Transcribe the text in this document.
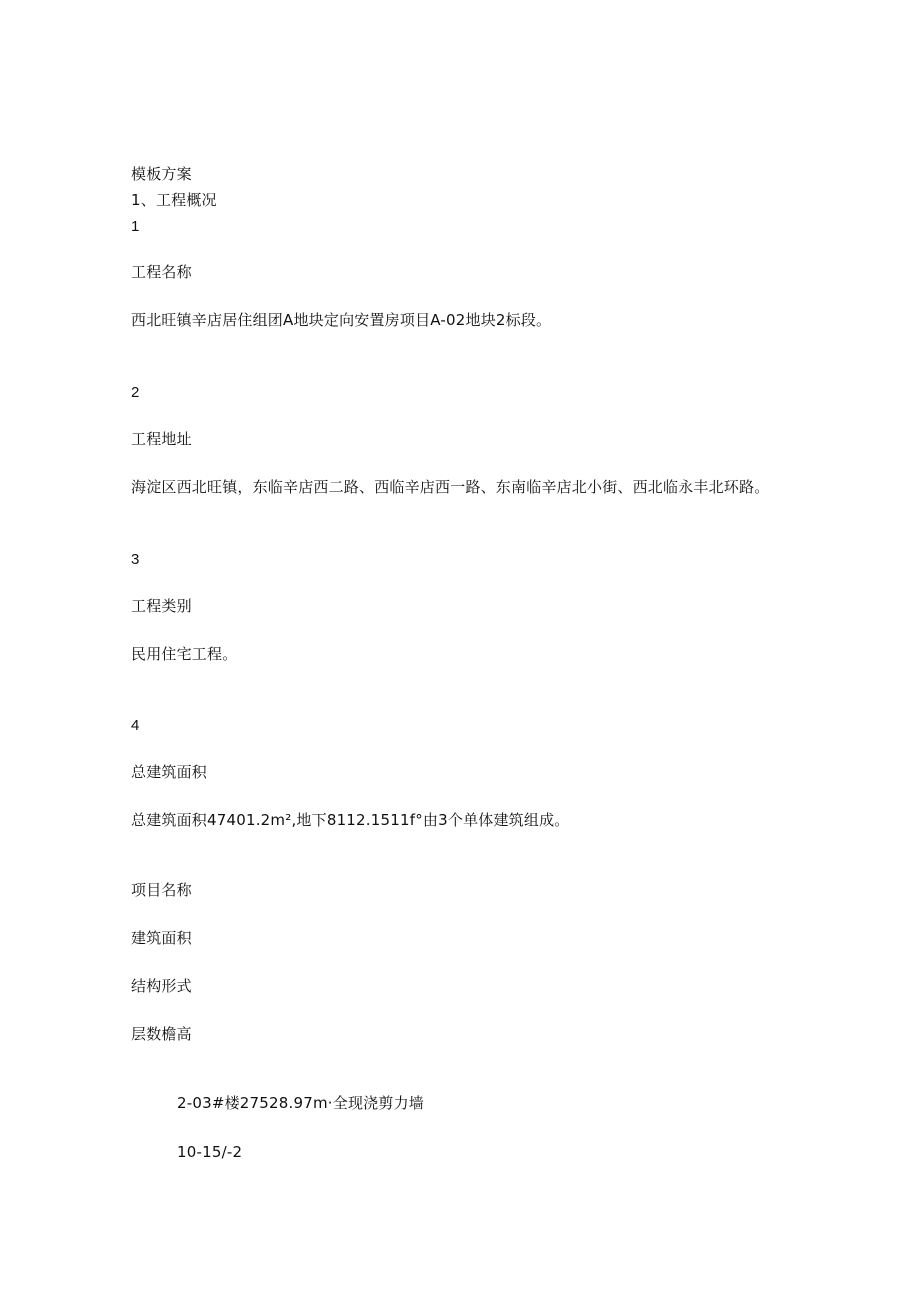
模板方案
1、工程概况
1
工程名称
西北旺镇辛店居住组团A地块定向安置房项目A-02地块2标段。
2
工程地址
海淀区西北旺镇，东临辛店西二路、西临辛店西一路、东南临辛店北小街、西北临永丰北环路。
3
工程类别
民用住宅工程。
4
总建筑面积
总建筑面积47401.2m²,地下8112.1511f°由3个单体建筑组成。
项目名称
建筑面积
结构形式
层数檐高
2-03#楼27528.97m·全现浇剪力墙
10-15/-2
